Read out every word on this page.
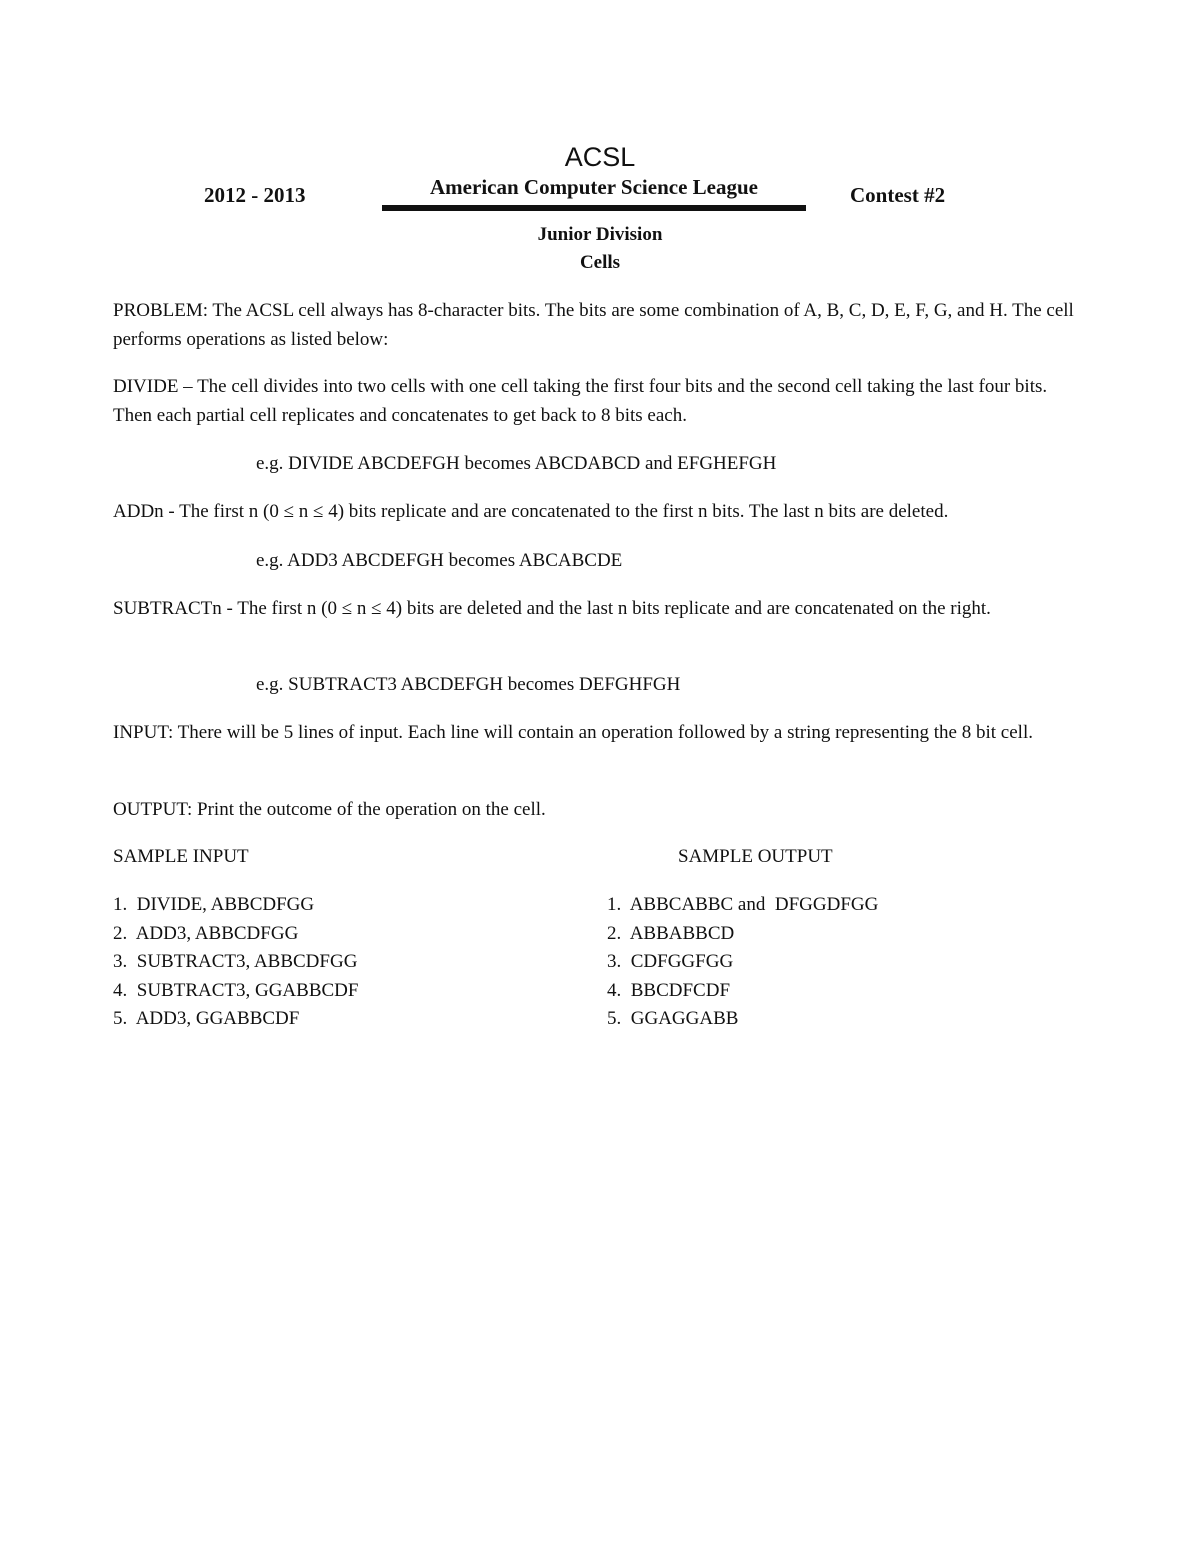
ACSL
2012 - 2013	American Computer Science League	Contest #2
Junior Division
Cells
PROBLEM: The ACSL cell always has 8-character bits. The bits are some combination of A, B, C, D, E, F, G, and H. The cell performs operations as listed below:
DIVIDE – The cell divides into two cells with one cell taking the first four bits and the second cell taking the last four bits. Then each partial cell replicates and concatenates to get back to 8 bits each.
e.g. DIVIDE ABCDEFGH becomes ABCDABCD and EFGHEFGH
ADDn - The first n (0 ≤ n ≤ 4) bits replicate and are concatenated to the first n bits. The last n bits are deleted.
e.g. ADD3 ABCDEFGH becomes ABCABCDE
SUBTRACTn - The first n (0 ≤ n ≤ 4) bits are deleted and the last n bits replicate and are concatenated on the right.
e.g. SUBTRACT3 ABCDEFGH becomes DEFGHFGH
INPUT: There will be 5 lines of input. Each line will contain an operation followed by a string representing the 8 bit cell.
OUTPUT: Print the outcome of the operation on the cell.
SAMPLE INPUT	SAMPLE OUTPUT
1.  DIVIDE, ABBCDFGG
2.  ADD3, ABBCDFGG
3.  SUBTRACT3, ABBCDFGG
4.  SUBTRACT3, GGABBCDF
5.  ADD3, GGABBCDF
1.  ABBCABBC and  DFGGDFGG
2.  ABBABBCD
3.  CDFGGFGG
4.  BBCDFCDF
5.  GGAGGABB
